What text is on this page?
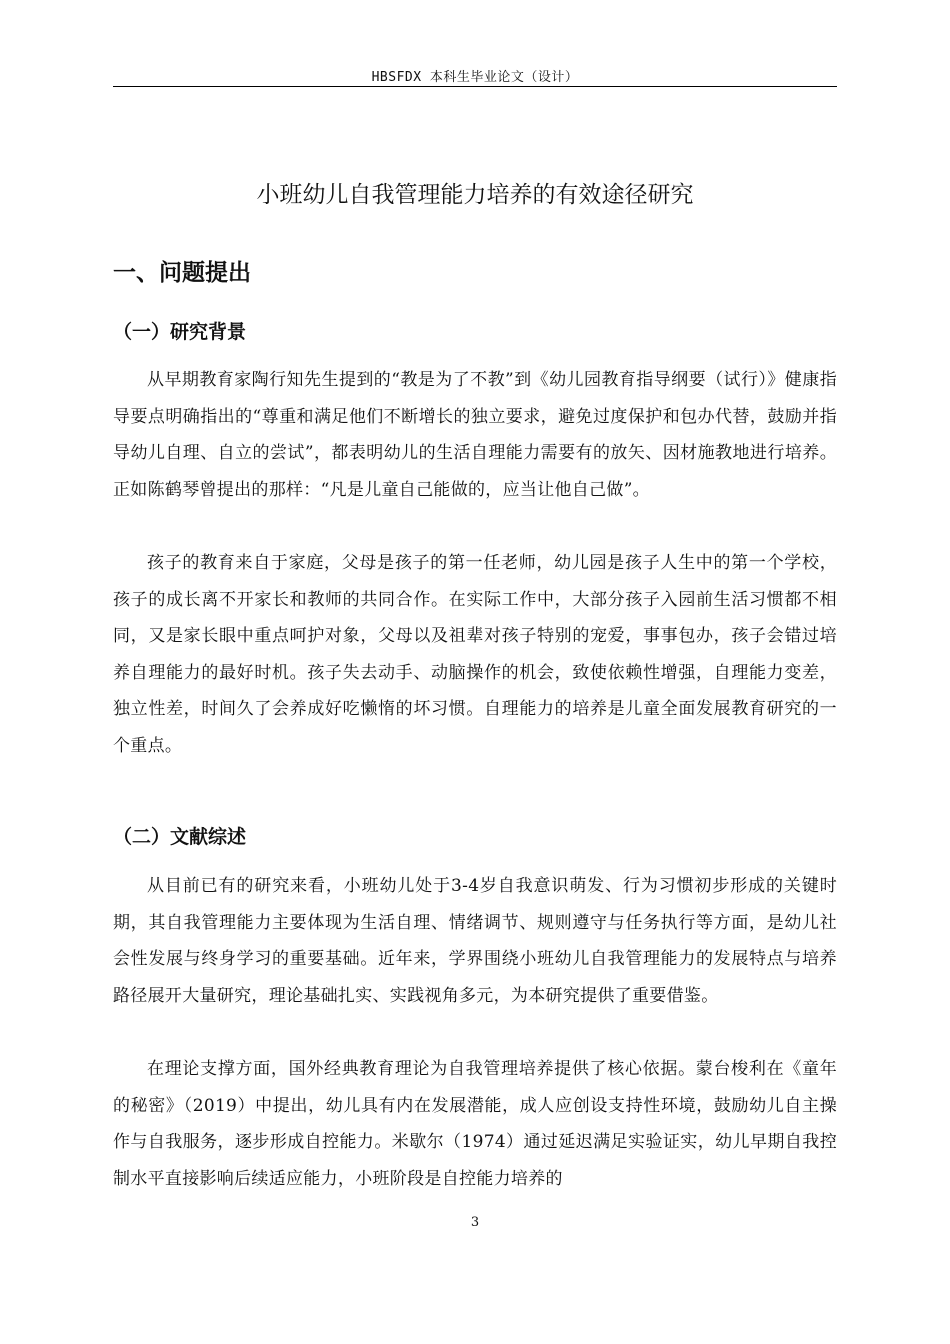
HBSFDX 本科生毕业论文（设计）
小班幼儿自我管理能力培养的有效途径研究
一、问题提出
（一）研究背景

从早期教育家陶行知先生提到的“教是为了不教”到《幼儿园教育指导纲要（试行）》健康指导要点明确指出的“尊重和满足他们不断增长的独立要求，避免过度保护和包办代替，鼓励并指导幼儿自理、自立的尝试”，都表明幼儿的生活自理能力需要有的放矢、因材施教地进行培养。正如陈鹤琴曾提出的那样：“凡是儿童自己能做的，应当让他自己做”。

孩子的教育来自于家庭，父母是孩子的第一任老师，幼儿园是孩子人生中的第一个学校，孩子的成长离不开家长和教师的共同合作。在实际工作中，大部分孩子入园前生活习惯都不相同，又是家长眼中重点呵护对象，父母以及祖辈对孩子特别的宠爱，事事包办，孩子会错过培养自理能力的最好时机。孩子失去动手、动脑操作的机会，致使依赖性增强，自理能力变差，独立性差，时间久了会养成好吃懒惰的坏习惯。自理能力的培养是儿童全面发展教育研究的一个重点。

（二）文献综述

从目前已有的研究来看，小班幼儿处于3-4岁自我意识萌发、行为习惯初步形成的关键时期，其自我管理能力主要体现为生活自理、情绪调节、规则遵守与任务执行等方面，是幼儿社会性发展与终身学习的重要基础。近年来，学界围绕小班幼儿自我管理能力的发展特点与培养路径展开大量研究，理论基础扎实、实践视角多元，为本研究提供了重要借鉴。

在理论支撑方面，国外经典教育理论为自我管理培养提供了核心依据。蒙台梭利在《童年的秘密》（2019）中提出，幼儿具有内在发展潜能，成人应创设支持性环境，鼓励幼儿自主操作与自我服务，逐步形成自控能力。米歇尔（1974）通过延迟满足实验证实，幼儿早期自我控制水平直接影响后续适应能力，小班阶段是自控能力培养的

3
